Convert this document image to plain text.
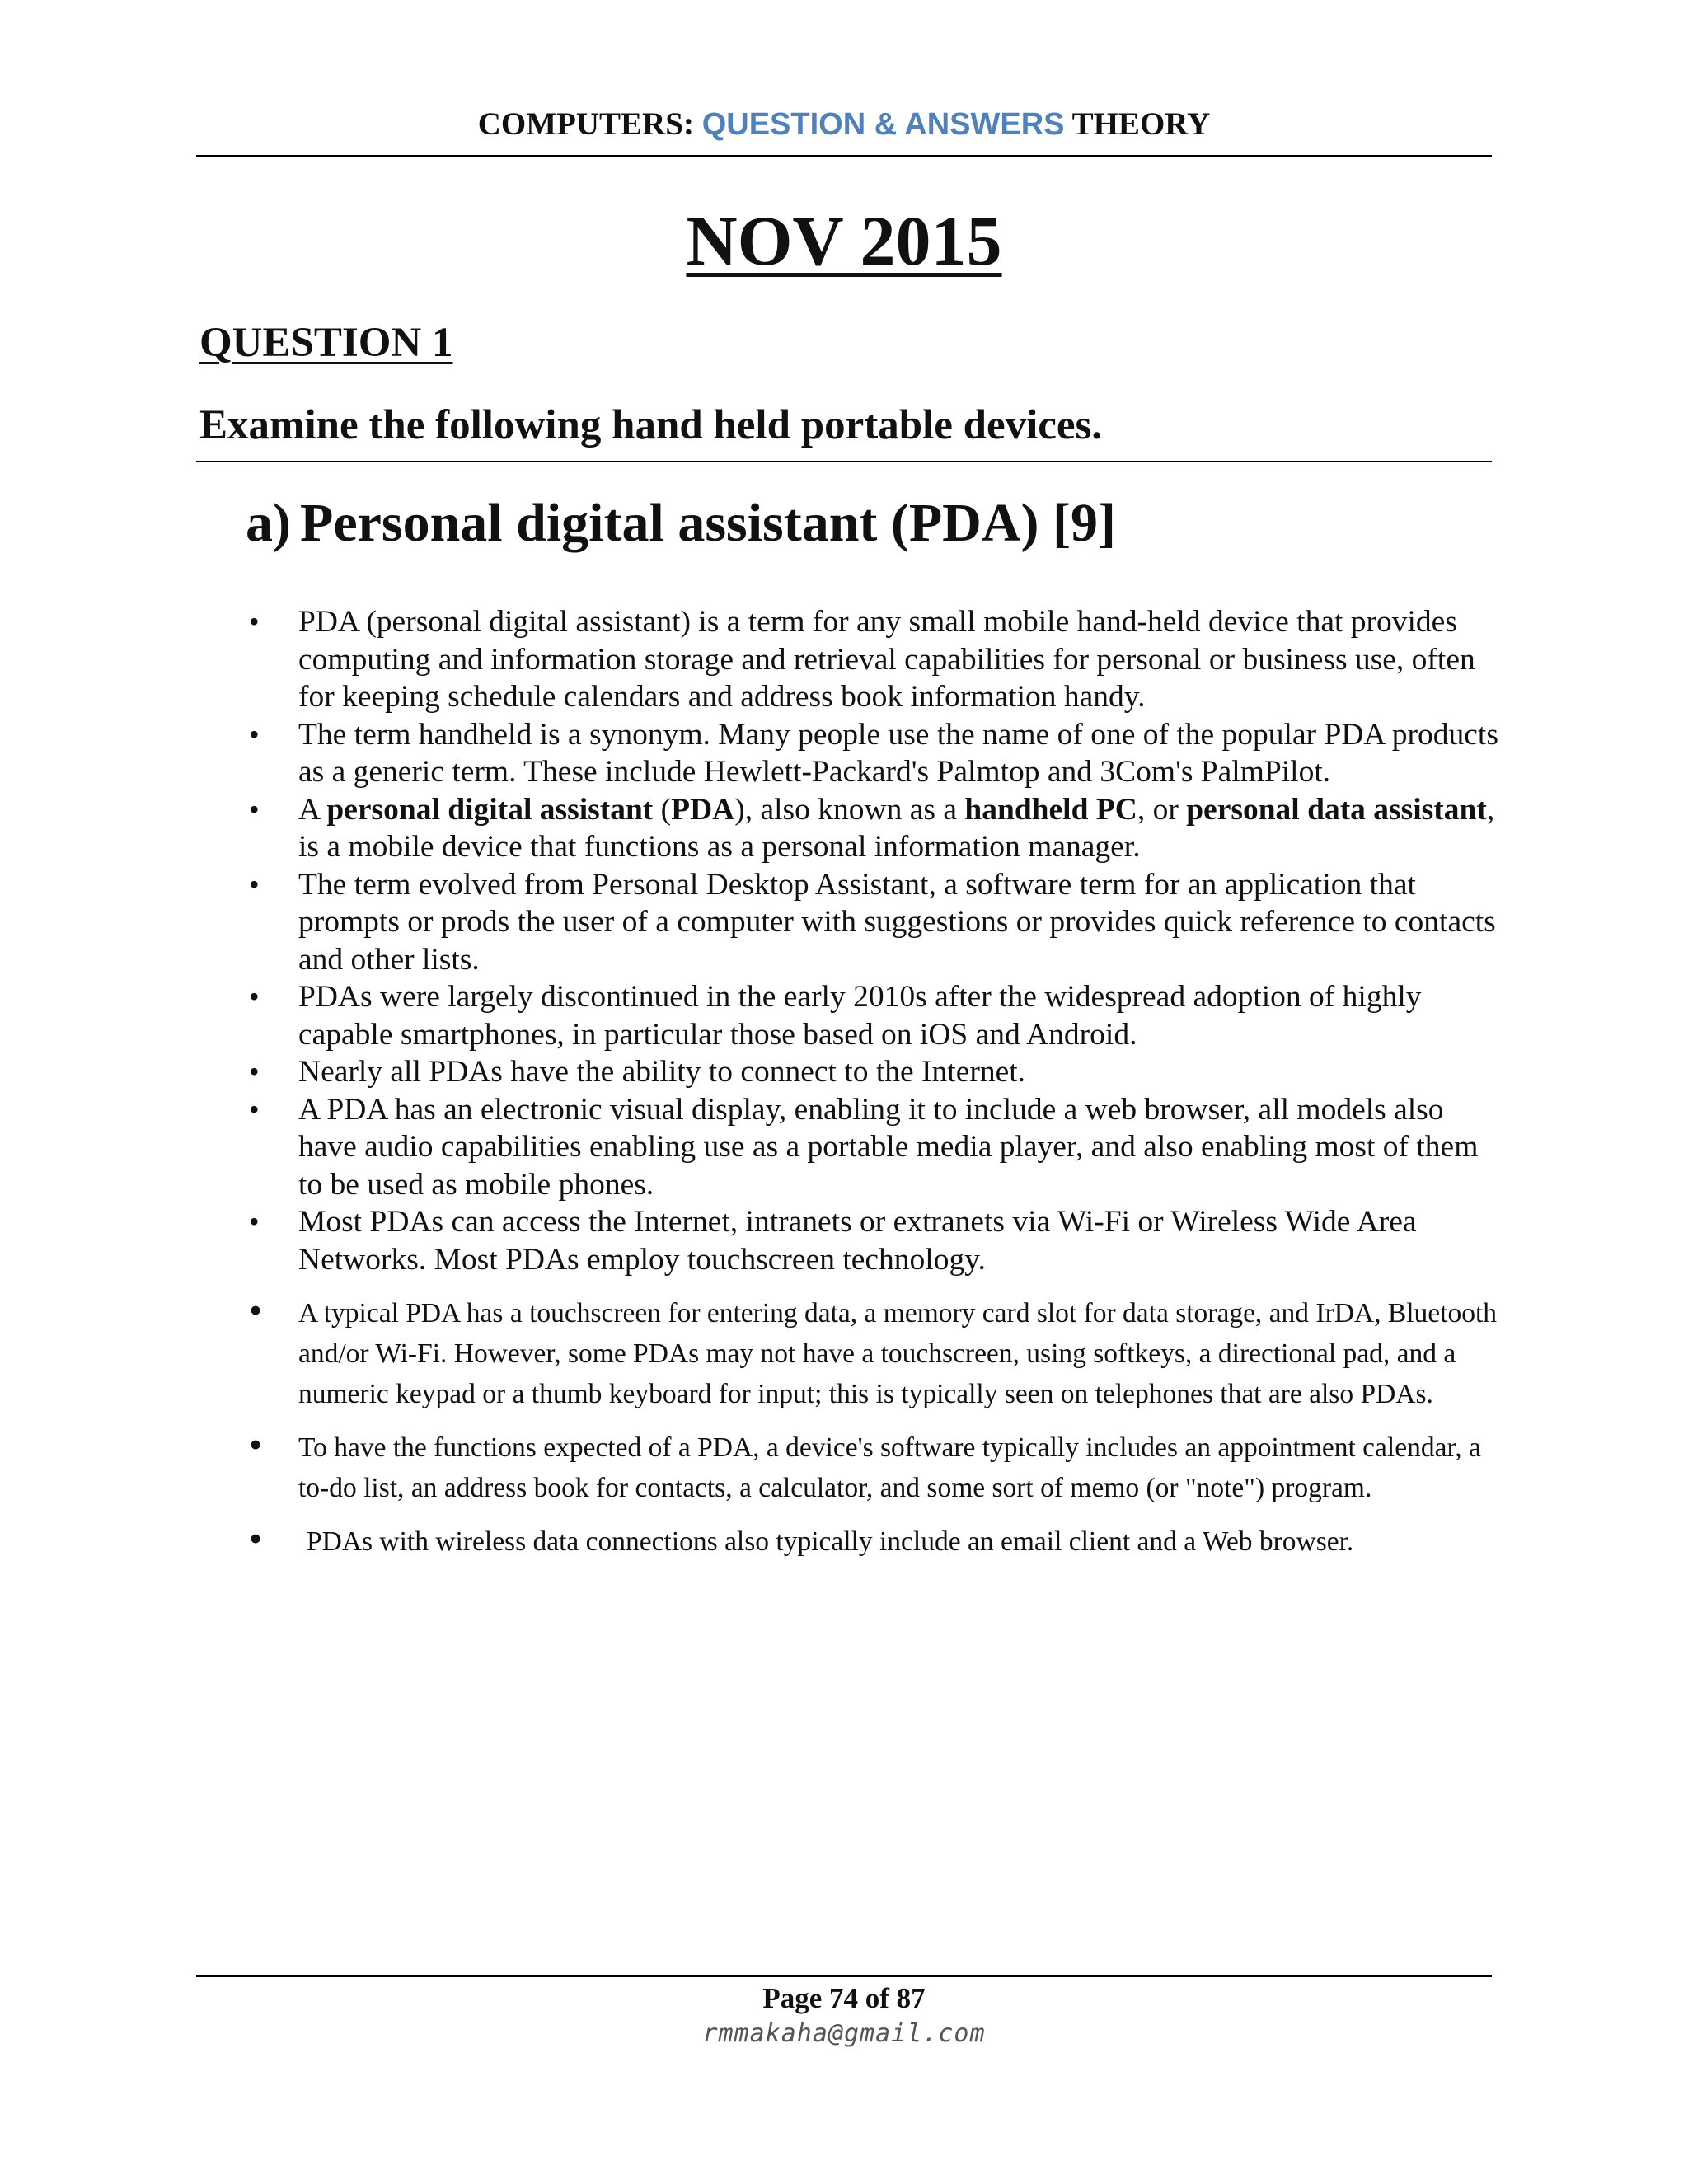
COMPUTERS: QUESTION & ANSWERS THEORY
NOV 2015
QUESTION 1
Examine the following hand held portable devices.
a) Personal digital assistant (PDA) [9]
• PDA (personal digital assistant) is a term for any small mobile hand-held device that provides computing and information storage and retrieval capabilities for personal or business use, often for keeping schedule calendars and address book information handy.
• The term handheld is a synonym. Many people use the name of one of the popular PDA products as a generic term. These include Hewlett-Packard's Palmtop and 3Com's PalmPilot.
• A personal digital assistant (PDA), also known as a handheld PC, or personal data assistant, is a mobile device that functions as a personal information manager.
• The term evolved from Personal Desktop Assistant, a software term for an application that prompts or prods the user of a computer with suggestions or provides quick reference to contacts and other lists.
• PDAs were largely discontinued in the early 2010s after the widespread adoption of highly capable smartphones, in particular those based on iOS and Android.
• Nearly all PDAs have the ability to connect to the Internet.
• A PDA has an electronic visual display, enabling it to include a web browser, all models also have audio capabilities enabling use as a portable media player, and also enabling most of them to be used as mobile phones.
• Most PDAs can access the Internet, intranets or extranets via Wi-Fi or Wireless Wide Area Networks. Most PDAs employ touchscreen technology.
• A typical PDA has a touchscreen for entering data, a memory card slot for data storage, and IrDA, Bluetooth and/or Wi-Fi. However, some PDAs may not have a touchscreen, using softkeys, a directional pad, and a numeric keypad or a thumb keyboard for input; this is typically seen on telephones that are also PDAs.
• To have the functions expected of a PDA, a device's software typically includes an appointment calendar, a to-do list, an address book for contacts, a calculator, and some sort of memo (or "note") program.
• PDAs with wireless data connections also typically include an email client and a Web browser.
Page 74 of 87
rmmakaha@gmail.com
